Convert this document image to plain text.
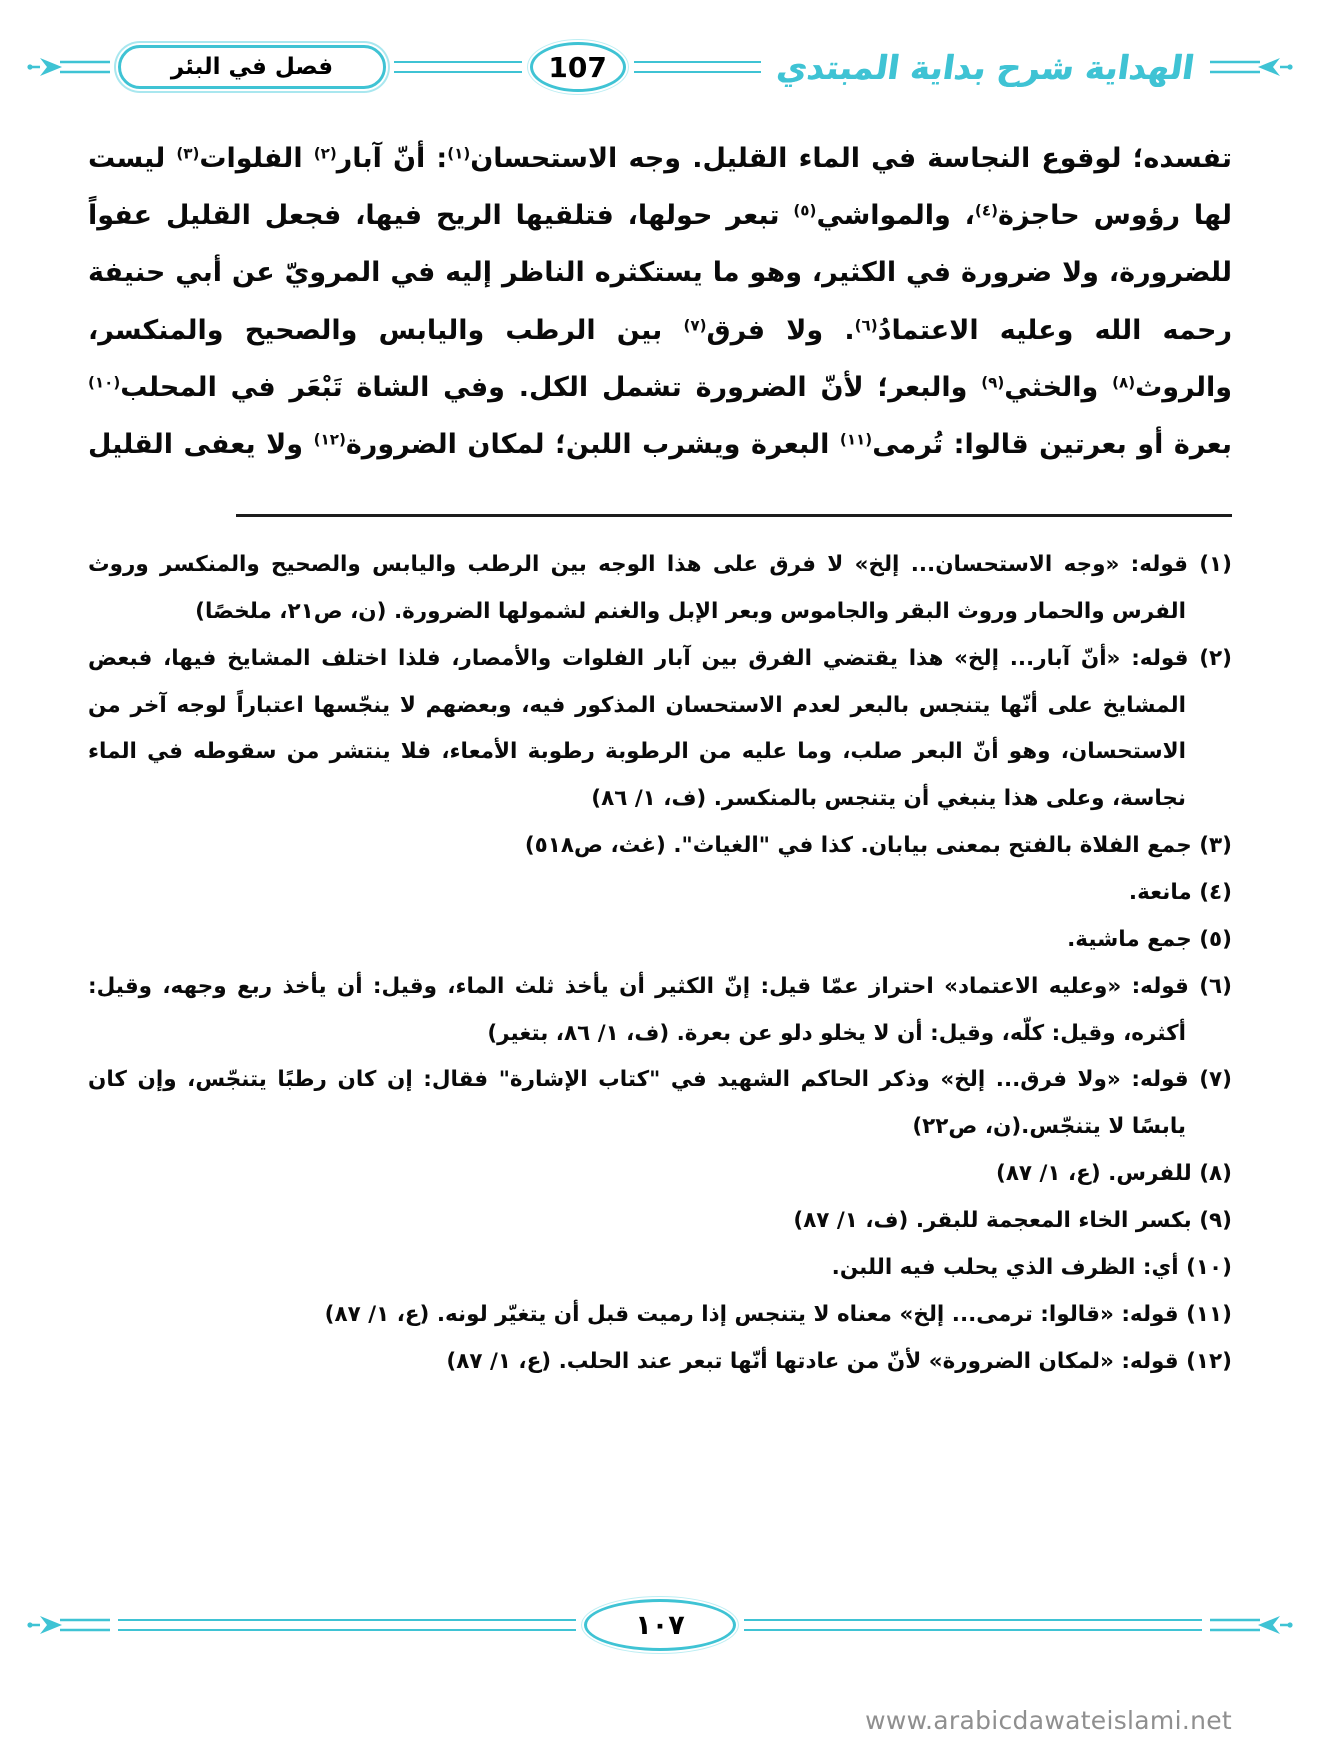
فصل في البئر	107	الهداية شرح بداية المبتدي
تفسده؛ لوقوع النجاسة في الماء القليل. وجه الاستحسان$^{(١)}$: أنّ آبار$^{(٢)}$ الفلوات$^{(٣)}$ ليست لها رؤوس حاجزة$^{(٤)}$، والمواشي$^{(٥)}$ تبعر حولها، فتلقيها الريح فيها، فجعل القليل عفواً للضرورة، ولا ضرورة في الكثير، وهو ما يستكثره الناظر إليه في المرويّ عن أبي حنيفة رحمه الله وعليه الاعتمادُ$^{(٦)}$. ولا فرق$^{(٧)}$ بين الرطب واليابس والصحيح والمنكسر، والروث$^{(٨)}$ والخثي$^{(٩)}$ والبعر؛ لأنّ الضرورة تشمل الكل. وفي الشاة تَبْعَر في المحلب$^{(١٠)}$ بعرة أو بعرتين قالوا: تُرمى$^{(١١)}$ البعرة ويشرب اللبن؛ لمكان الضرورة$^{(١٢)}$ ولا يعفى القليل
(١) قوله: «وجه الاستحسان... إلخ» لا فرق على هذا الوجه بين الرطب واليابس والصحيح والمنكسر وروث الفرس والحمار وروث البقر والجاموس وبعر الإبل والغنم لشمولها الضرورة. (ن، ص٢١، ملخصًا)
(٢) قوله: «أنّ آبار... إلخ» هذا يقتضي الفرق بين آبار الفلوات والأمصار، فلذا اختلف المشايخ فيها، فبعض المشايخ على أنّها يتنجس بالبعر لعدم الاستحسان المذكور فيه، وبعضهم لا ينجّسها اعتباراً لوجه آخر من الاستحسان، وهو أنّ البعر صلب، وما عليه من الرطوبة رطوبة الأمعاء، فلا ينتشر من سقوطه في الماء نجاسة، وعلى هذا ينبغي أن يتنجس بالمنكسر. (ف، ١/ ٨٦)
(٣) جمع الفلاة بالفتح بمعنى بيابان. كذا في "الغياث". (غث، ص٥١٨)
(٤) مانعة.
(٥) جمع ماشية.
(٦) قوله: «وعليه الاعتماد» احتراز عمّا قيل: إنّ الكثير أن يأخذ ثلث الماء، وقيل: أن يأخذ ربع وجهه، وقيل: أكثره، وقيل: كلّه، وقيل: أن لا يخلو دلو عن بعرة. (ف، ١/ ٨٦، بتغير)
(٧) قوله: «ولا فرق... إلخ» وذكر الحاكم الشهيد في "كتاب الإشارة" فقال: إن كان رطبًا يتنجّس، وإن كان يابسًا لا يتنجّس.(ن، ص٢٢)
(٨) للفرس. (ع، ١/ ٨٧)
(٩) بكسر الخاء المعجمة للبقر. (ف، ١/ ٨٧)
(١٠) أي: الظرف الذي يحلب فيه اللبن.
(١١) قوله: «قالوا: ترمى... إلخ» معناه لا يتنجس إذا رميت قبل أن يتغيّر لونه. (ع، ١/ ٨٧)
(١٢) قوله: «لمكان الضرورة» لأنّ من عادتها أنّها تبعر عند الحلب. (ع، ١/ ٨٧)
١٠٧
www.arabicdawateislami.net
